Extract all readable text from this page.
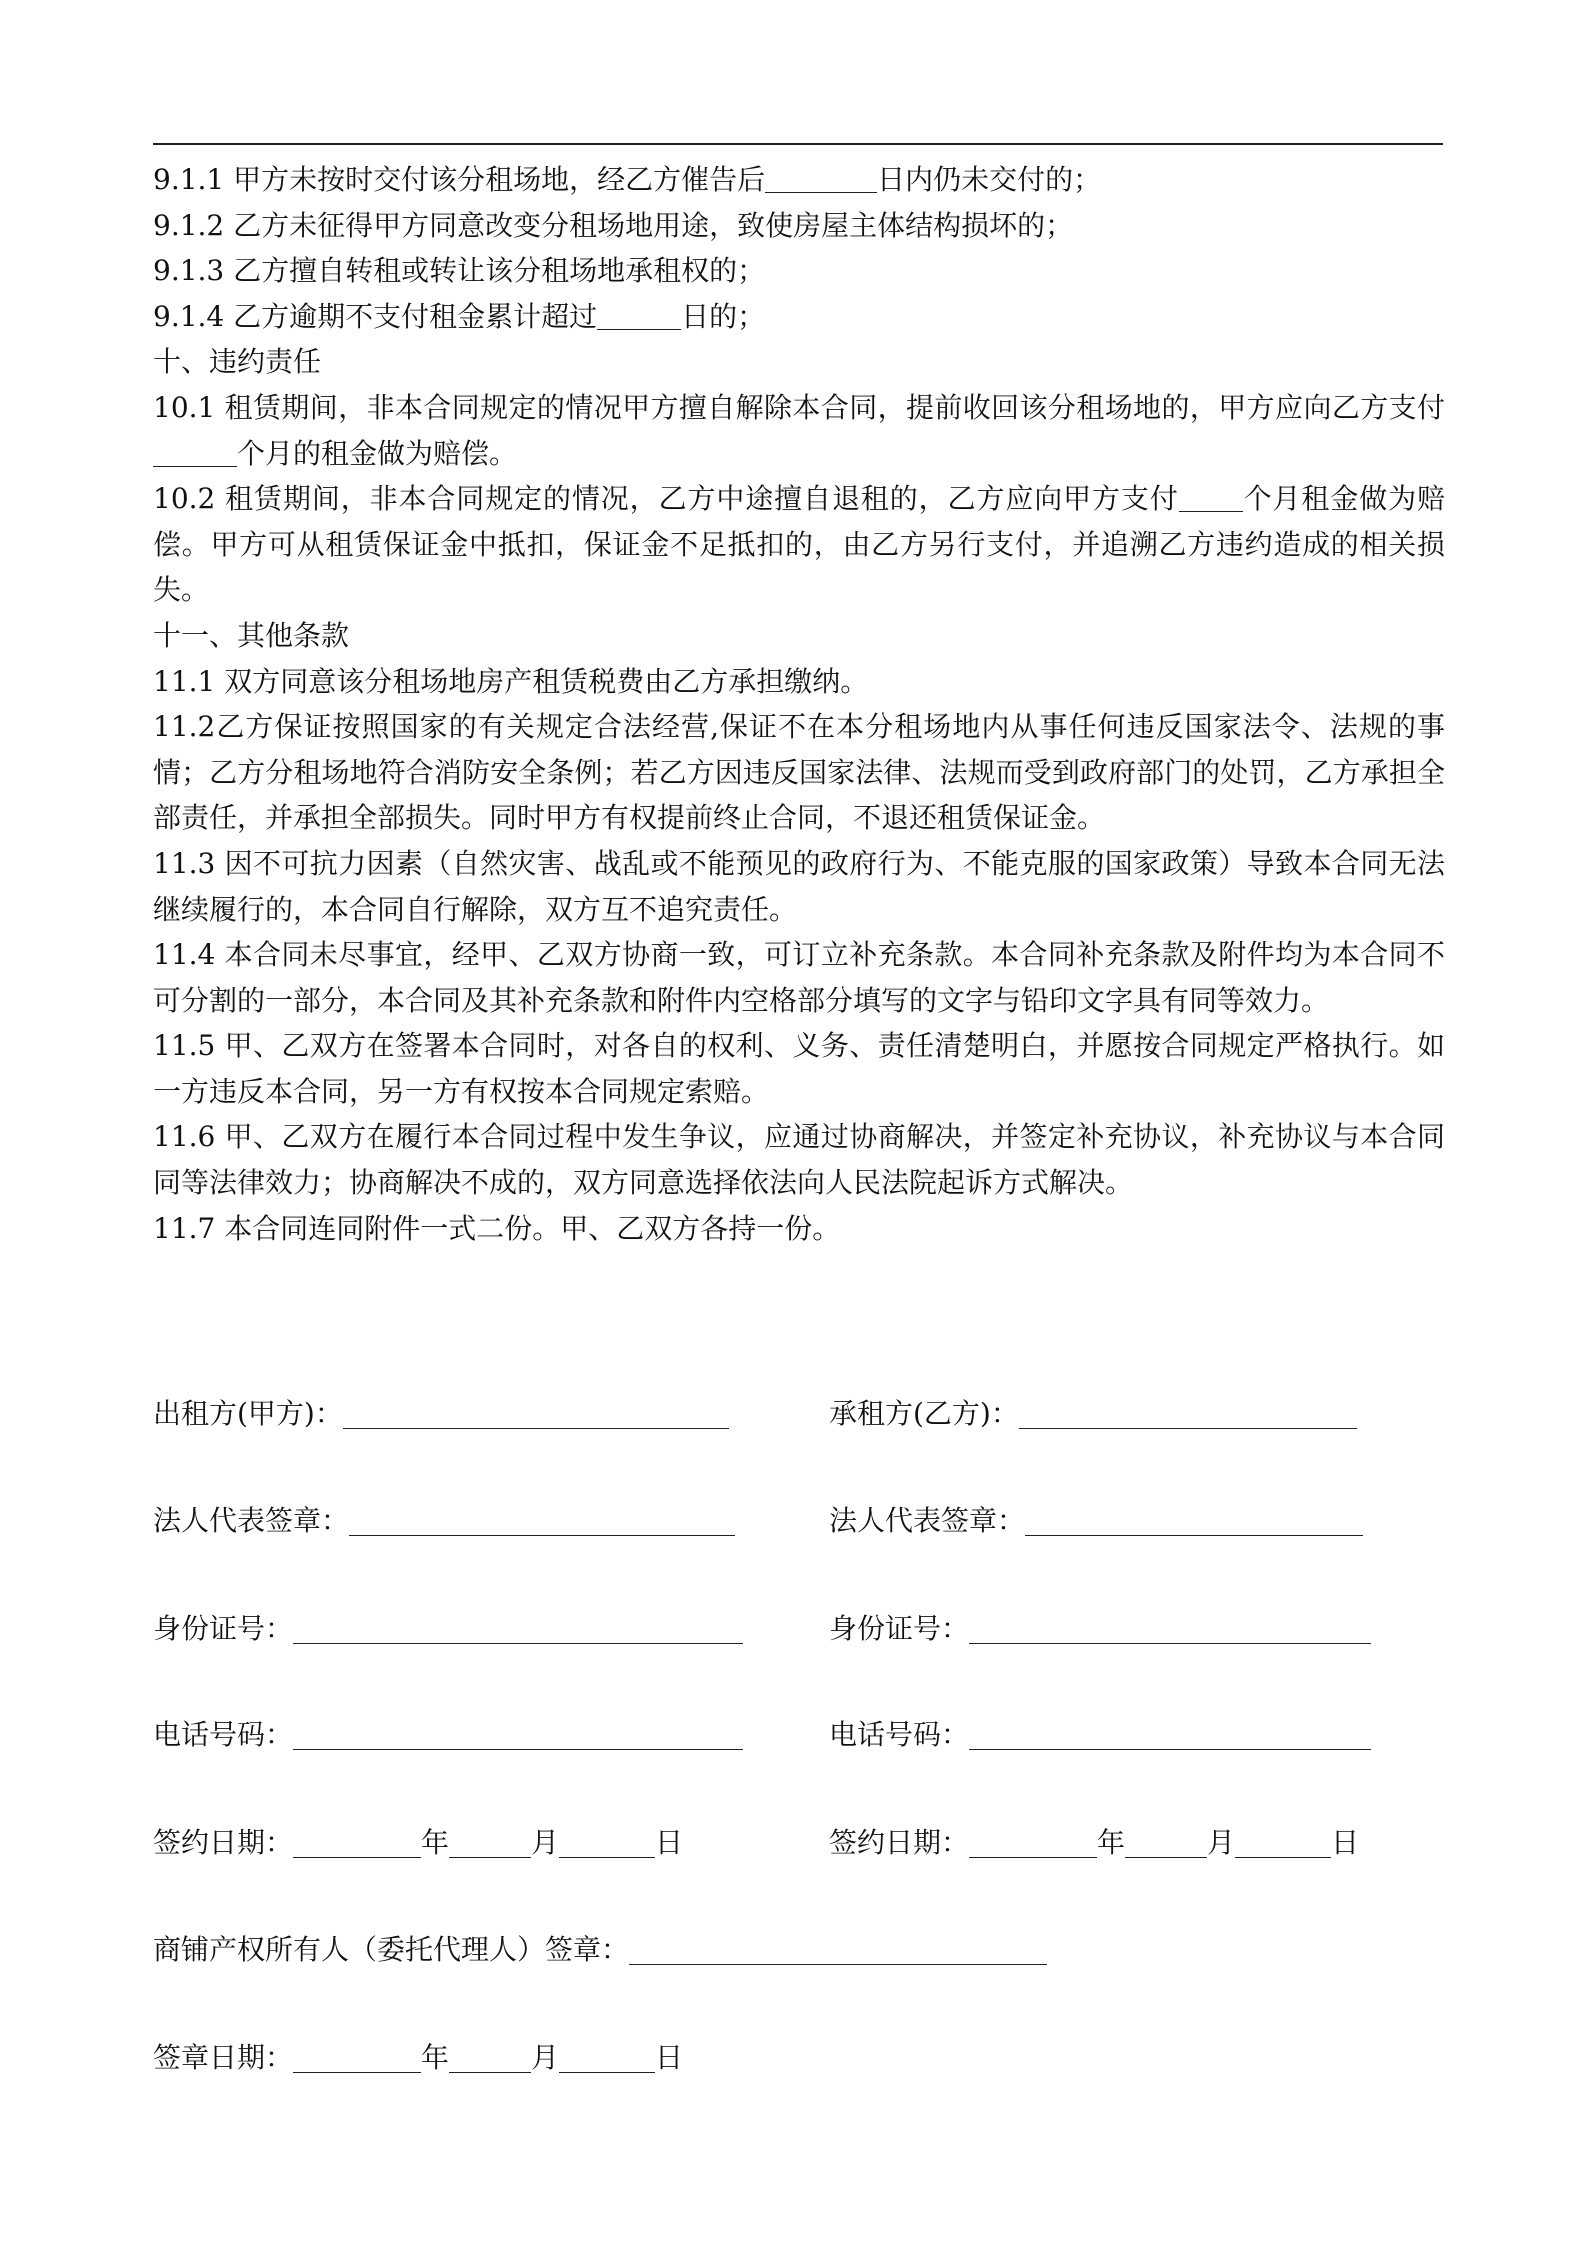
9.1.1 甲方未按时交付该分租场地，经乙方催告后	日内仍未交付的；

9.1.2 乙方未征得甲方同意改变分租场地用途，致使房屋主体结构损坏的；

9.1.3 乙方擅自转租或转让该分租场地承租权的；

9.1.4 乙方逾期不支付租金累计超过	日的；

十、违约责任

10.1 租赁期间，非本合同规定的情况甲方擅自解除本合同，提前收回该分租场地的，甲方应向乙方支付个月的租金做为赔偿。

10.2 租赁期间，非本合同规定的情况，乙方中途擅自退租的，乙方应向甲方支付 个月租金做为赔偿。甲方可从租赁保证金中抵扣，保证金不足抵扣的，由乙方另行支付，并追溯乙方违约造成的相关损失。

十一、其他条款

11.1 双方同意该分租场地房产租赁税费由乙方承担缴纳。

11.2乙方保证按照国家的有关规定合法经营,保证不在本分租场地内从事任何违反国家法令、法规的事情；乙方分租场地符合消防安全条例；若乙方因违反国家法律、法规而受到政府部门的处罚，乙方承担全部责任，并承担全部损失。同时甲方有权提前终止合同，不退还租赁保证金。

11.3 因不可抗力因素（自然灾害、战乱或不能预见的政府行为、不能克服的国家政策）导致本合同无法继续履行的，本合同自行解除，双方互不追究责任。

11.4 本合同未尽事宜，经甲、乙双方协商一致，可订立补充条款。本合同补充条款及附件均为本合同不可分割的一部分，本合同及其补充条款和附件内空格部分填写的文字与铅印文字具有同等效力。

11.5 甲、乙双方在签署本合同时，对各自的权利、义务、责任清楚明白，并愿按合同规定严格执行。如一方违反本合同，另一方有权按本合同规定索赔。

11.6 甲、乙双方在履行本合同过程中发生争议，应通过协商解决，并签定补充协议，补充协议与本合同同等法律效力；协商解决不成的，双方同意选择依法向人民法院起诉方式解决。

11.7 本合同连同附件一式二份。甲、乙双方各持一份。

出租方(甲方)：	承租方(乙方)：
法人代表签章：	法人代表签章：
身份证号：	身份证号：
电话号码：	电话号码：
签约日期：	年	月	日	签约日期：	年	月	日
商铺产权所有人（委托代理人）签章：
签章日期：	年	月	日
